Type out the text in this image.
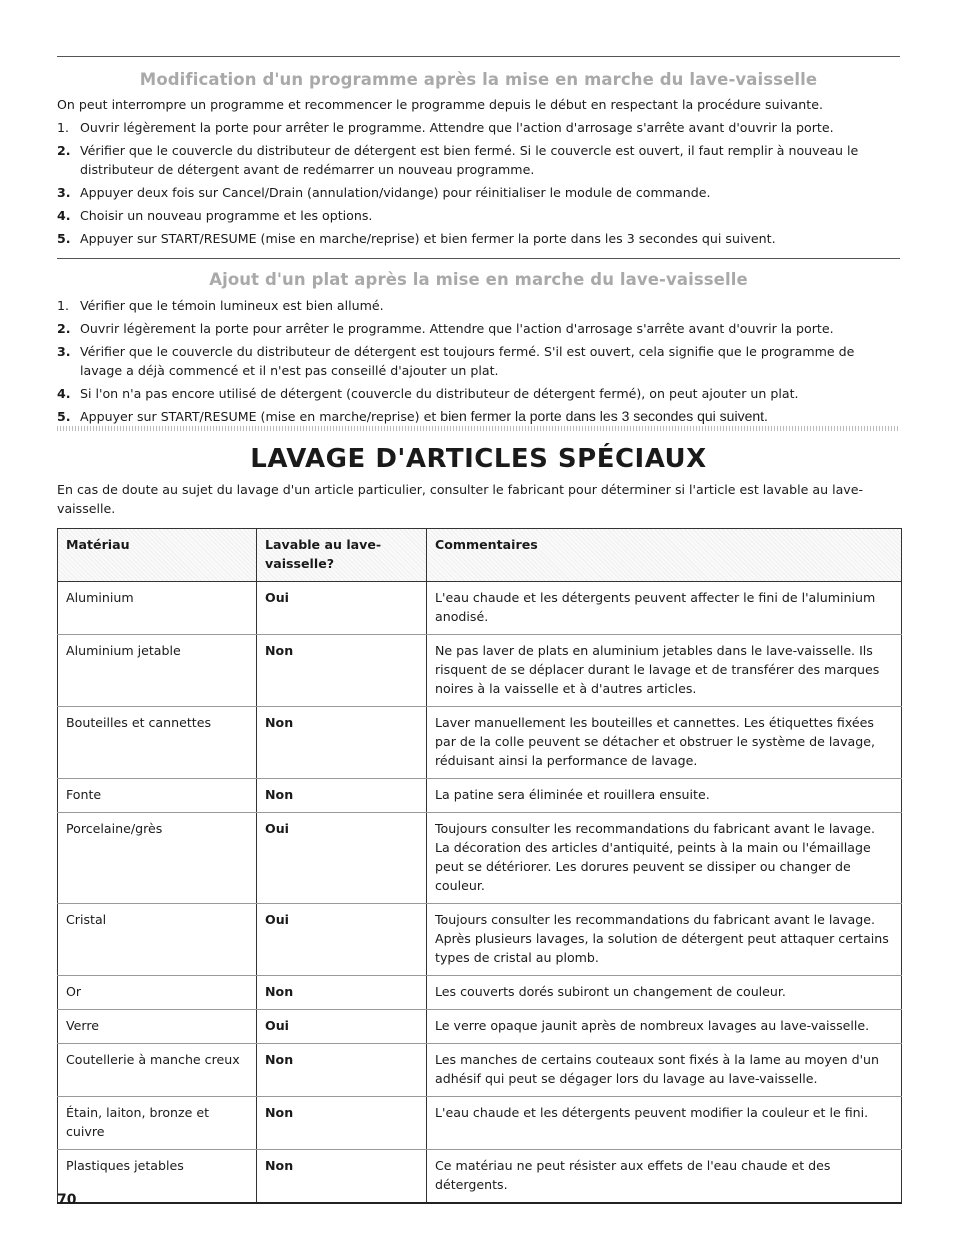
Modification d'un programme après la mise en marche du lave-vaisselle
On peut interrompre un programme et recommencer le programme depuis le début en respectant la procédure suivante.
1. Ouvrir légèrement la porte pour arrêter le programme. Attendre que l'action d'arrosage s'arrête avant d'ouvrir la porte.
2. Vérifier que le couvercle du distributeur de détergent est bien fermé. Si le couvercle est ouvert, il faut remplir à nouveau le distributeur de détergent avant de redémarrer un nouveau programme.
3. Appuyer deux fois sur Cancel/Drain (annulation/vidange) pour réinitialiser le module de commande.
4. Choisir un nouveau programme et les options.
5. Appuyer sur START/RESUME (mise en marche/reprise) et bien fermer la porte dans les 3 secondes qui suivent.
Ajout d'un plat après la mise en marche du lave-vaisselle
1. Vérifier que le témoin lumineux est bien allumé.
2. Ouvrir légèrement la porte pour arrêter le programme. Attendre que l'action d'arrosage s'arrête avant d'ouvrir la porte.
3. Vérifier que le couvercle du distributeur de détergent est toujours fermé. S'il est ouvert, cela signifie que le programme de lavage a déjà commencé et il n'est pas conseillé d'ajouter un plat.
4. Si l'on n'a pas encore utilisé de détergent (couvercle du distributeur de détergent fermé), on peut ajouter un plat.
5. Appuyer sur START/RESUME (mise en marche/reprise) et bien fermer la porte dans les 3 secondes qui suivent.
LAVAGE D'ARTICLES SPÉCIAUX
En cas de doute au sujet du lavage d'un article particulier, consulter le fabricant pour déterminer si l'article est lavable au lave-vaisselle.
Matériau	Lavable au lave-vaisselle?	Commentaires
Aluminium	Oui	L'eau chaude et les détergents peuvent affecter le fini de l'aluminium anodisé.
Aluminium jetable	Non	Ne pas laver de plats en aluminium jetables dans le lave-vaisselle. Ils risquent de se déplacer durant le lavage et de transférer des marques noires à la vaisselle et à d'autres articles.
Bouteilles et cannettes	Non	Laver manuellement les bouteilles et cannettes. Les étiquettes fixées par de la colle peuvent se détacher et obstruer le système de lavage, réduisant ainsi la performance de lavage.
Fonte	Non	La patine sera éliminée et rouillera ensuite.
Porcelaine/grès	Oui	Toujours consulter les recommandations du fabricant avant le lavage. La décoration des articles d'antiquité, peints à la main ou l'émaillage peut se détériorer. Les dorures peuvent se dissiper ou changer de couleur.
Cristal	Oui	Toujours consulter les recommandations du fabricant avant le lavage. Après plusieurs lavages, la solution de détergent peut attaquer certains types de cristal au plomb.
Or	Non	Les couverts dorés subiront un changement de couleur.
Verre	Oui	Le verre opaque jaunit après de nombreux lavages au lave-vaisselle.
Coutellerie à manche creux	Non	Les manches de certains couteaux sont fixés à la lame au moyen d'un adhésif qui peut se dégager lors du lavage au lave-vaisselle.
Étain, laiton, bronze et cuivre	Non	L'eau chaude et les détergents peuvent modifier la couleur et le fini.
Plastiques jetables	Non	Ce matériau ne peut résister aux effets de l'eau chaude et des détergents.
70
